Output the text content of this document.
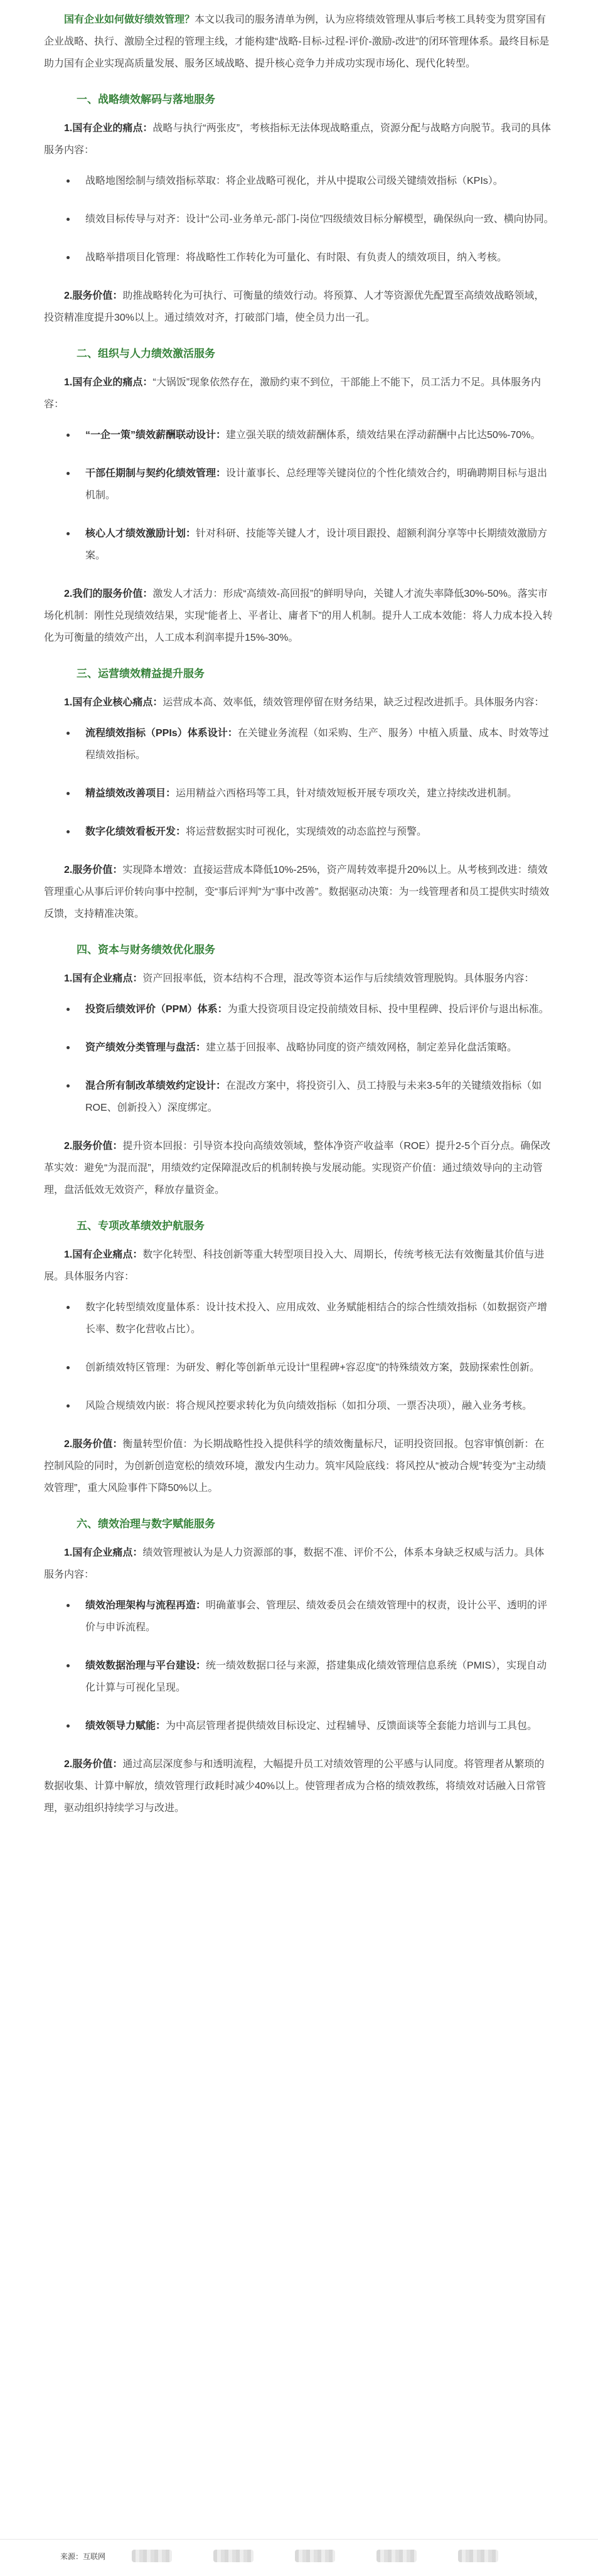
国有企业如何做好绩效管理？本文以我司的服务清单为例，认为应将绩效管理从事后考核工具转变为贯穿国有企业战略、执行、激励全过程的管理主线，才能构建“战略-目标-过程-评价-激励-改进”的闭环管理体系。最终目标是助力国有企业实现高质量发展、服务区域战略、提升核心竞争力并成功实现市场化、现代化转型。

一、战略绩效解码与落地服务

1.国有企业的痛点：战略与执行“两张皮”，考核指标无法体现战略重点，资源分配与战略方向脱节。我司的具体服务内容：

战略地图绘制与绩效指标萃取：将企业战略可视化，并从中提取公司级关键绩效指标（KPIs）。
绩效目标传导与对齐：设计“公司-业务单元-部门-岗位”四级绩效目标分解模型，确保纵向一致、横向协同。
战略举措项目化管理：将战略性工作转化为可量化、有时限、有负责人的绩效项目，纳入考核。

2.服务价值：助推战略转化为可执行、可衡量的绩效行动。将预算、人才等资源优先配置至高绩效战略领域，投资精准度提升30%以上。通过绩效对齐，打破部门墙，使全员力出一孔。

二、组织与人力绩效激活服务

1.国有企业的痛点：“大锅饭”现象依然存在，激励约束不到位，干部能上不能下，员工活力不足。具体服务内容：

“一企一策”绩效薪酬联动设计：建立强关联的绩效薪酬体系，绩效结果在浮动薪酬中占比达50%-70%。
干部任期制与契约化绩效管理：设计董事长、总经理等关键岗位的个性化绩效合约，明确聘期目标与退出机制。
核心人才绩效激励计划：针对科研、技能等关键人才，设计项目跟投、超额利润分享等中长期绩效激励方案。

2.我们的服务价值：激发人才活力：形成“高绩效-高回报”的鲜明导向，关键人才流失率降低30%-50%。落实市场化机制：刚性兑现绩效结果，实现“能者上、平者让、庸者下”的用人机制。提升人工成本效能：将人力成本投入转化为可衡量的绩效产出，人工成本利润率提升15%-30%。

三、运营绩效精益提升服务

1.国有企业核心痛点：运营成本高、效率低，绩效管理停留在财务结果，缺乏过程改进抓手。具体服务内容：

流程绩效指标（PPIs）体系设计：在关键业务流程（如采购、生产、服务）中植入质量、成本、时效等过程绩效指标。
精益绩效改善项目：运用精益六西格玛等工具，针对绩效短板开展专项攻关，建立持续改进机制。
数字化绩效看板开发：将运营数据实时可视化，实现绩效的动态监控与预警。

2.服务价值：实现降本增效：直接运营成本降低10%-25%，资产周转效率提升20%以上。从考核到改进：绩效管理重心从事后评价转向事中控制，变“事后评判”为“事中改善”。数据驱动决策：为一线管理者和员工提供实时绩效反馈，支持精准决策。

四、资本与财务绩效优化服务

1.国有企业痛点：资产回报率低，资本结构不合理，混改等资本运作与后续绩效管理脱钩。具体服务内容：

投资后绩效评价（PPM）体系：为重大投资项目设定投前绩效目标、投中里程碑、投后评价与退出标准。
资产绩效分类管理与盘活：建立基于回报率、战略协同度的资产绩效网格，制定差异化盘活策略。
混合所有制改革绩效约定设计：在混改方案中，将投资引入、员工持股与未来3-5年的关键绩效指标（如ROE、创新投入）深度绑定。

2.服务价值：提升资本回报：引导资本投向高绩效领域，整体净资产收益率（ROE）提升2-5个百分点。确保改革实效：避免“为混而混”，用绩效约定保障混改后的机制转换与发展动能。实现资产价值：通过绩效导向的主动管理，盘活低效无效资产，释放存量资金。

五、专项改革绩效护航服务

1.国有企业痛点：数字化转型、科技创新等重大转型项目投入大、周期长，传统考核无法有效衡量其价值与进展。具体服务内容：

数字化转型绩效度量体系：设计技术投入、应用成效、业务赋能相结合的综合性绩效指标（如数据资产增长率、数字化营收占比）。
创新绩效特区管理：为研发、孵化等创新单元设计“里程碑+容忍度”的特殊绩效方案，鼓励探索性创新。
风险合规绩效内嵌：将合规风控要求转化为负向绩效指标（如扣分项、一票否决项），融入业务考核。

2.服务价值：衡量转型价值：为长期战略性投入提供科学的绩效衡量标尺，证明投资回报。包容审慎创新：在控制风险的同时，为创新创造宽松的绩效环境，激发内生动力。筑牢风险底线：将风控从“被动合规”转变为“主动绩效管理”，重大风险事件下降50%以上。

六、绩效治理与数字赋能服务

1.国有企业痛点：绩效管理被认为是人力资源部的事，数据不准、评价不公，体系本身缺乏权威与活力。具体服务内容：

绩效治理架构与流程再造：明确董事会、管理层、绩效委员会在绩效管理中的权责，设计公平、透明的评价与申诉流程。
绩效数据治理与平台建设：统一绩效数据口径与来源，搭建集成化绩效管理信息系统（PMIS），实现自动化计算与可视化呈现。
绩效领导力赋能：为中高层管理者提供绩效目标设定、过程辅导、反馈面谈等全套能力培训与工具包。

2.服务价值：通过高层深度参与和透明流程，大幅提升员工对绩效管理的公平感与认同度。将管理者从繁琐的数据收集、计算中解放，绩效管理行政耗时减少40%以上。使管理者成为合格的绩效教练，将绩效对话融入日常管理，驱动组织持续学习与改进。

来源：互联网
